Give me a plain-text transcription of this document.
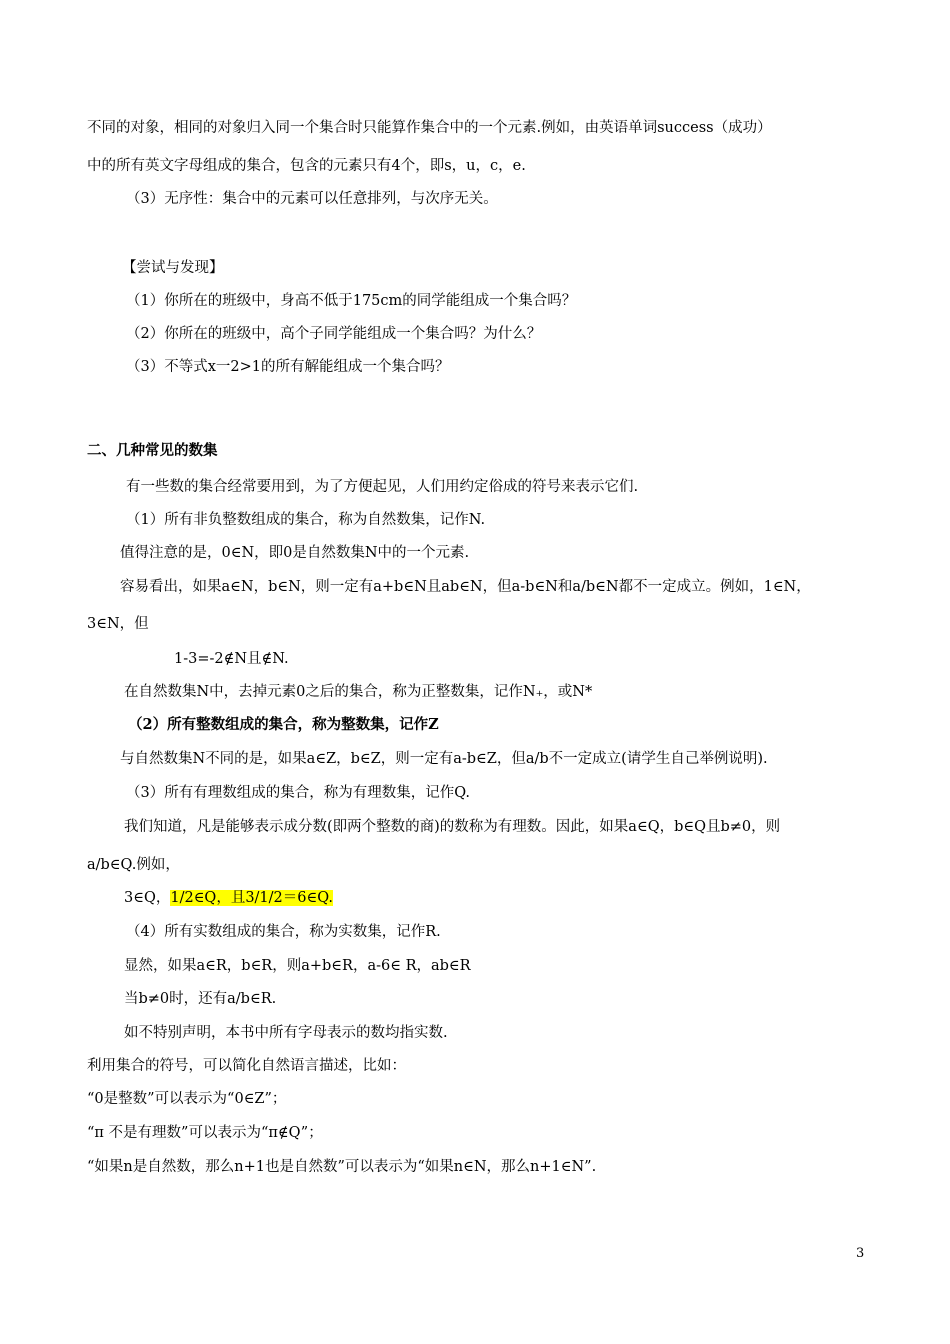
不同的对象，相同的对象归入同一个集合时只能算作集合中的一个元素.例如，由英语单词success（成功）
中的所有英文字母组成的集合，包含的元素只有4个，即s，u，c，e.
（3）无序性：集合中的元素可以任意排列，与次序无关。
【尝试与发现】
（1）你所在的班级中，身高不低于175cm的同学能组成一个集合吗？
（2）你所在的班级中，高个子同学能组成一个集合吗？为什么？
（3）不等式x一2>1的所有解能组成一个集合吗？
二、几种常见的数集
有一些数的集合经常要用到，为了方便起见，人们用约定俗成的符号来表示它们.
（1）所有非负整数组成的集合，称为自然数集，记作N.
值得注意的是，0∈N，即0是自然数集N中的一个元素.
容易看出，如果a∈N，b∈N，则一定有a+b∈N且ab∈N，但a-b∈N和a/b∈N都不一定成立。例如，1∈N，
3∈N，但
1-3=-2∉N且∉N.
在自然数集N中，去掉元素0之后的集合，称为正整数集，记作N₊，或N*
（2）所有整数组成的集合，称为整数集，记作Z
与自然数集N不同的是，如果a∈Z，b∈Z，则一定有a-b∈Z，但a/b不一定成立(请学生自己举例说明).
（3）所有有理数组成的集合，称为有理数集，记作Q.
我们知道，凡是能够表示成分数(即两个整数的商)的数称为有理数。因此，如果a∈Q，b∈Q且b≠0，则
a/b∈Q.例如，
3∈Q，1/2∈Q，且3/1/2＝6∈Q.
（4）所有实数组成的集合，称为实数集，记作R.
显然，如果a∈R，b∈R，则a+b∈R，a-6∈ R，ab∈R
当b≠0时，还有a/b∈R.
如不特别声明，本书中所有字母表示的数均指实数.
利用集合的符号，可以简化自然语言描述，比如：
“0是整数”可以表示为“0∈Z”；
“π 不是有理数”可以表示为“π∉Q”；
“如果n是自然数，那么n+1也是自然数”可以表示为“如果n∈N，那么n+1∈N”.
3
